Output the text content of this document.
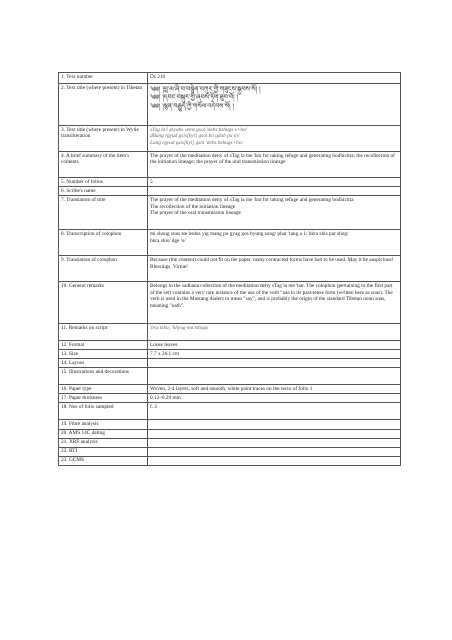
1. Text number	Ds 216

2. Text title (where present) in Tibetan	༄༅། །བླ་མ་ཞི་བ་བསྙེན་བཀུར་གྱི་གཟུངས་སྐྱབས་སོ། །
༄༅། །དབང་བསྐུར་གྱི་ཞབས་ཏོག་ཐུབ་བོ། །
༄༅། །སྙན་བརྒྱུད་ཀྱི་གསོལ་འདེབས་སོ། །

3. Text title (where present) in Wylie transliteration	sTag la'i skyabs sems gsol 'debs bzhugs s+ho/
dBang rgyud gsis[kyi] gsal ba gdab pa ni/
Lung rgyud gsis[kyi] gsol 'debs bzhugs+ho/

4. A brief summary of the item's contents	The prayer of the meditation deity of sTag la me 'bar for taking refuge and generating bodhicitta; the recollection of the initiation lineage; the prayer of the oral transmission lineage

5. Number of folios	5

6. Scribe's name	

7. Translation of title	The prayer of the meditation deity of sTag la me 'bar for taking refuge and generating bodhicitta
The recollection of the initiation lineage
The prayer of the oral transmission lineage

8. Transcription of colophon	mi shong snas ste bsdus yig mang po gyag gos byung song/ phar 'tang a 1/ bkra shis par shog/
bkra shis/ dge 'o/

9. Translation of colophon	Because (the content) could not fit on the paper, many contracted forms have had to be used. May it be auspicious!
Blessings. Virtue!

10. General remarks	Belongs to the sadhana collection of the meditation deity sTag la me 'bar. The colophon (pertaining to the first part of the set) contains a very rare instance of the use of the verb "nas in its past-tense form (written here as snas). The verb is used in the Mustang dialect to mean "say", and is probably the origin of the standard Tibetan noun snas, meaning "oath".

11. Remarks on script	'bru tshu; 'khyug ma tshugs

12. Format	Loose leaves

13. Size	7.7 x 26.1 cm

14. Layout	

15. Illustrations and decorations	

16. Paper type	Woven, 2-4 layers, soft and smooth, white paint traces on the recto of folio 1

17. Paper thickness	0.12–0.29 mm

18. Nos of folio sampled	f. 2

19. Fibre analysis	

20. AMS 14C dating	

21. XRF analysis	

22. RTI	

23. GCMS	
